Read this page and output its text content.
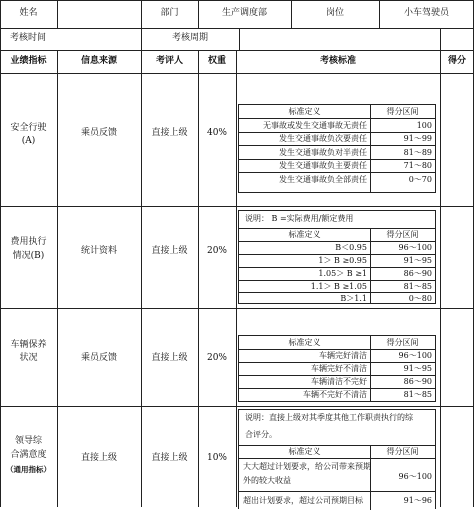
姓名	部门	生产调度部	岗位	小车驾驶员
考核时间	考核周期
业绩指标	信息来源	考评人	权重	考核标准	得分
安全行驶
(A)
乘员反馈	直接上级	40%
标准定义	得分区间
无事故或发生交通事故无责任	100
发生交通事故负次要责任	91～99
发生交通事故负对半责任	81～89
发生交通事故负主要责任	71～80
发生交通事故负全部责任	0～70
费用执行
情况(B)	统计资料	直接上级	20%
说明： B =实际费用/额定费用
标准定义	得分区间
B＜0.95	96～100
1＞ B ≥0.95	91～95
1.05＞ B ≥1	86～90
1.1＞ B ≥1.05	81～85
B＞1.1	0～80
车辆保养
状况	乘员反馈	直接上级	20%
标准定义	得分区间
车辆完好清洁	96～100
车辆完好不清洁	91～95
车辆清洁不完好	86～90
车辆不完好不清洁	81～85
领导综
合满意度
（通用指标）
直接上级	直接上级	10%
说明：直接上级对其季度其他工作职责执行的综
合评分。
标准定义	得分区间
大大超过计划要求，给公司带来预期
外的较大收益	96～100
超出计划要求，超过公司预期目标	91～96
